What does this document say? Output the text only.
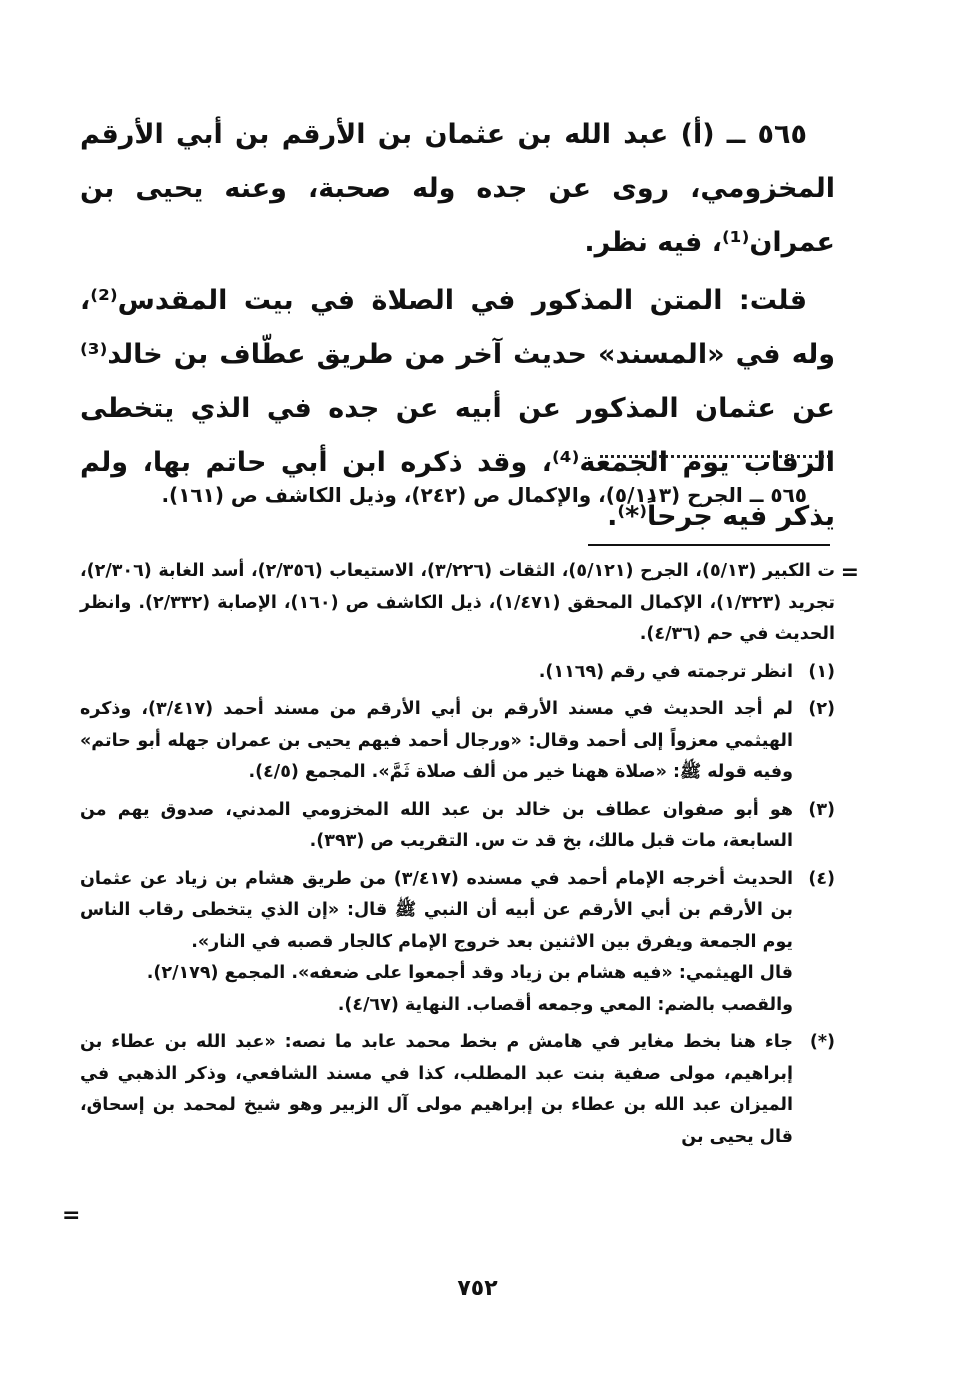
٥٦٥ ــ (أ) عبد الله بن عثمان بن الأرقم بن أبي الأرقم المخزومي، روى عن جده وله صحبة، وعنه يحيى بن عمران⁽¹⁾، فيه نظر.

قلت: المتن المذكور في الصلاة في بيت المقدس⁽²⁾، وله في «المسند» حديث آخر من طريق عطّاف بن خالد⁽³⁾ عن عثمان المذكور عن أبيه عن جده في الذي يتخطى الرقاب يوم الجمعة⁽⁴⁾، وقد ذكره ابن أبي حاتم بها، ولم يذكر فيه جرحاً⁽*⁾.

٥٦٥ ــ الجرح (٥/١١٣)، والإكمال ص (٢٤٢)، وذيل الكاشف ص (١٦١).
=

ت الكبير (٥/١٣)، الجرح (٥/١٢١)، الثقات (٣/٢٢٦)، الاستيعاب (٢/٣٥٦)، أسد الغابة (٢/٣٠٦)، تجريد (١/٣٢٣)، الإكمال المحقق (١/٤٧١)، ذيل الكاشف ص (١٦٠)، الإصابة (٢/٣٣٢). وانظر الحديث في حم (٤/٣٦).

(١)
انظر ترجمته في رقم (١١٦٩).

(٢)
لم أجد الحديث في مسند الأرقم بن أبي الأرقم من مسند أحمد (٣/٤١٧)، وذكره الهيثمي معزواً إلى أحمد وقال: «ورجال أحمد فيهم يحيى بن عمران جهله أبو حاتم» وفيه قوله ﷺ: «صلاة ههنا خير من ألف صلاة ثَمَّ». المجمع (٤/٥).

(٣)
هو أبو صفوان عطاف بن خالد بن عبد الله المخزومي المدني، صدوق يهم من السابعة، مات قبل مالك، بخ قد ت س. التقريب ص (٣٩٣).

(٤)
الحديث أخرجه الإمام أحمد في مسنده (٣/٤١٧) من طريق هشام بن زياد عن عثمان بن الأرقم بن أبي الأرقم عن أبيه أن النبي ﷺ قال: «إن الذي يتخطى رقاب الناس يوم الجمعة ويفرق بين الاثنين بعد خروج الإمام كالجار قصبه في النار».
قال الهيثمي: «فيه هشام بن زياد وقد أجمعوا على ضعفه». المجمع (٢/١٧٩).
والقصب بالضم: المعي وجمعه أقصاب. النهاية (٤/٦٧).

(*)
جاء هنا بخط مغاير في هامش م بخط محمد عابد ما نصه: «عبد الله بن عطاء بن إبراهيم، مولى صفية بنت عبد المطلب، كذا في مسند الشافعي، وذكر الذهبي في الميزان عبد الله بن عطاء بن إبراهيم مولى آل الزبير وهو شيخ لمحمد بن إسحاق، قال يحيى بن

=
٧٥٢
